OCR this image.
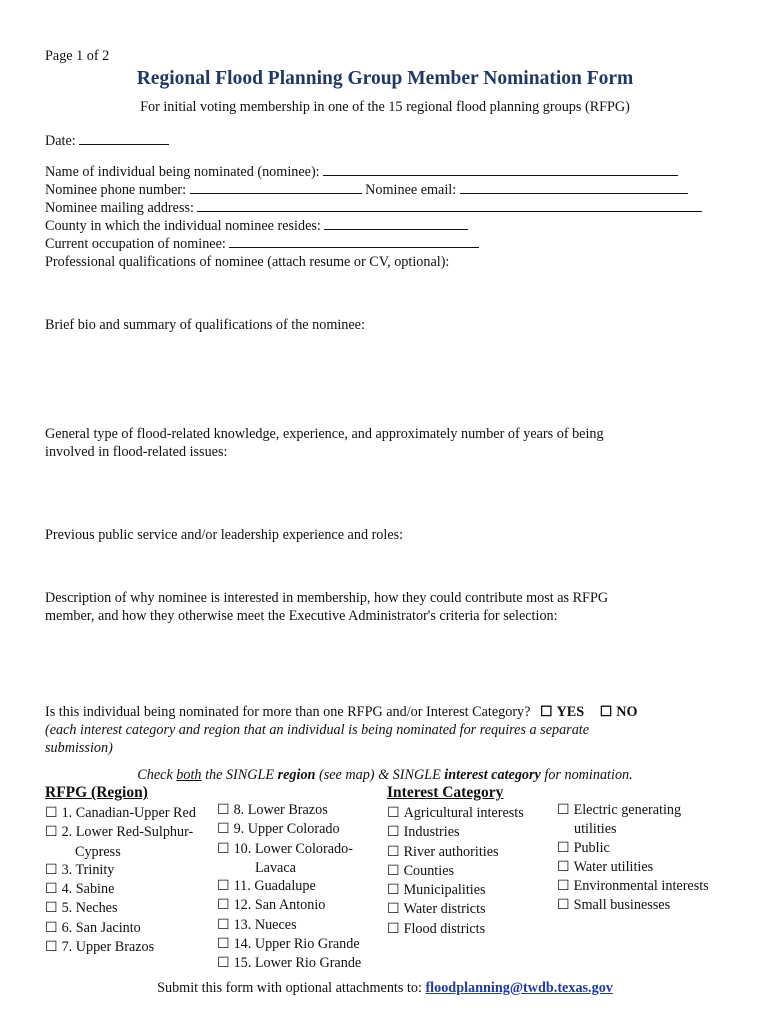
Page 1 of 2
Regional Flood Planning Group Member Nomination Form
For initial voting membership in one of the 15 regional flood planning groups (RFPG)
Date:
Name of individual being nominated (nominee):
Nominee phone number:	Nominee email:
Nominee mailing address:
County in which the individual nominee resides:
Current occupation of nominee:
Professional qualifications of nominee (attach resume or CV, optional):
Brief bio and summary of qualifications of the nominee:
General type of flood-related knowledge, experience, and approximately number of years of being
involved in flood-related issues:
Previous public service and/or leadership experience and roles:
Description of why nominee is interested in membership, how they could contribute most as RFPG
member, and how they otherwise meet the Executive Administrator's criteria for selection:
Is this individual being nominated for more than one RFPG and/or Interest Category? ☐ YES ☐ NO
(each interest category and region that an individual is being nominated for requires a separate
submission)
Check both the SINGLE region (see map) & SINGLE interest category for nomination.
RFPG (Region)	Interest Category
☐ 1. Canadian-Upper Red
☐ 2. Lower Red-Sulphur-
Cypress
☐ 3. Trinity
☐ 4. Sabine
☐ 5. Neches
☐ 6. San Jacinto
☐ 7. Upper Brazos
☐ 8. Lower Brazos
☐ 9. Upper Colorado
☐ 10. Lower Colorado-
Lavaca
☐ 11. Guadalupe
☐ 12. San Antonio
☐ 13. Nueces
☐ 14. Upper Rio Grande
☐ 15. Lower Rio Grande
☐ Agricultural interests
☐ Industries
☐ River authorities
☐ Counties
☐ Municipalities
☐ Water districts
☐ Flood districts
☐ Electric generating
utilities
☐ Public
☐ Water utilities
☐ Environmental interests
☐ Small businesses
Submit this form with optional attachments to: floodplanning@twdb.texas.gov
